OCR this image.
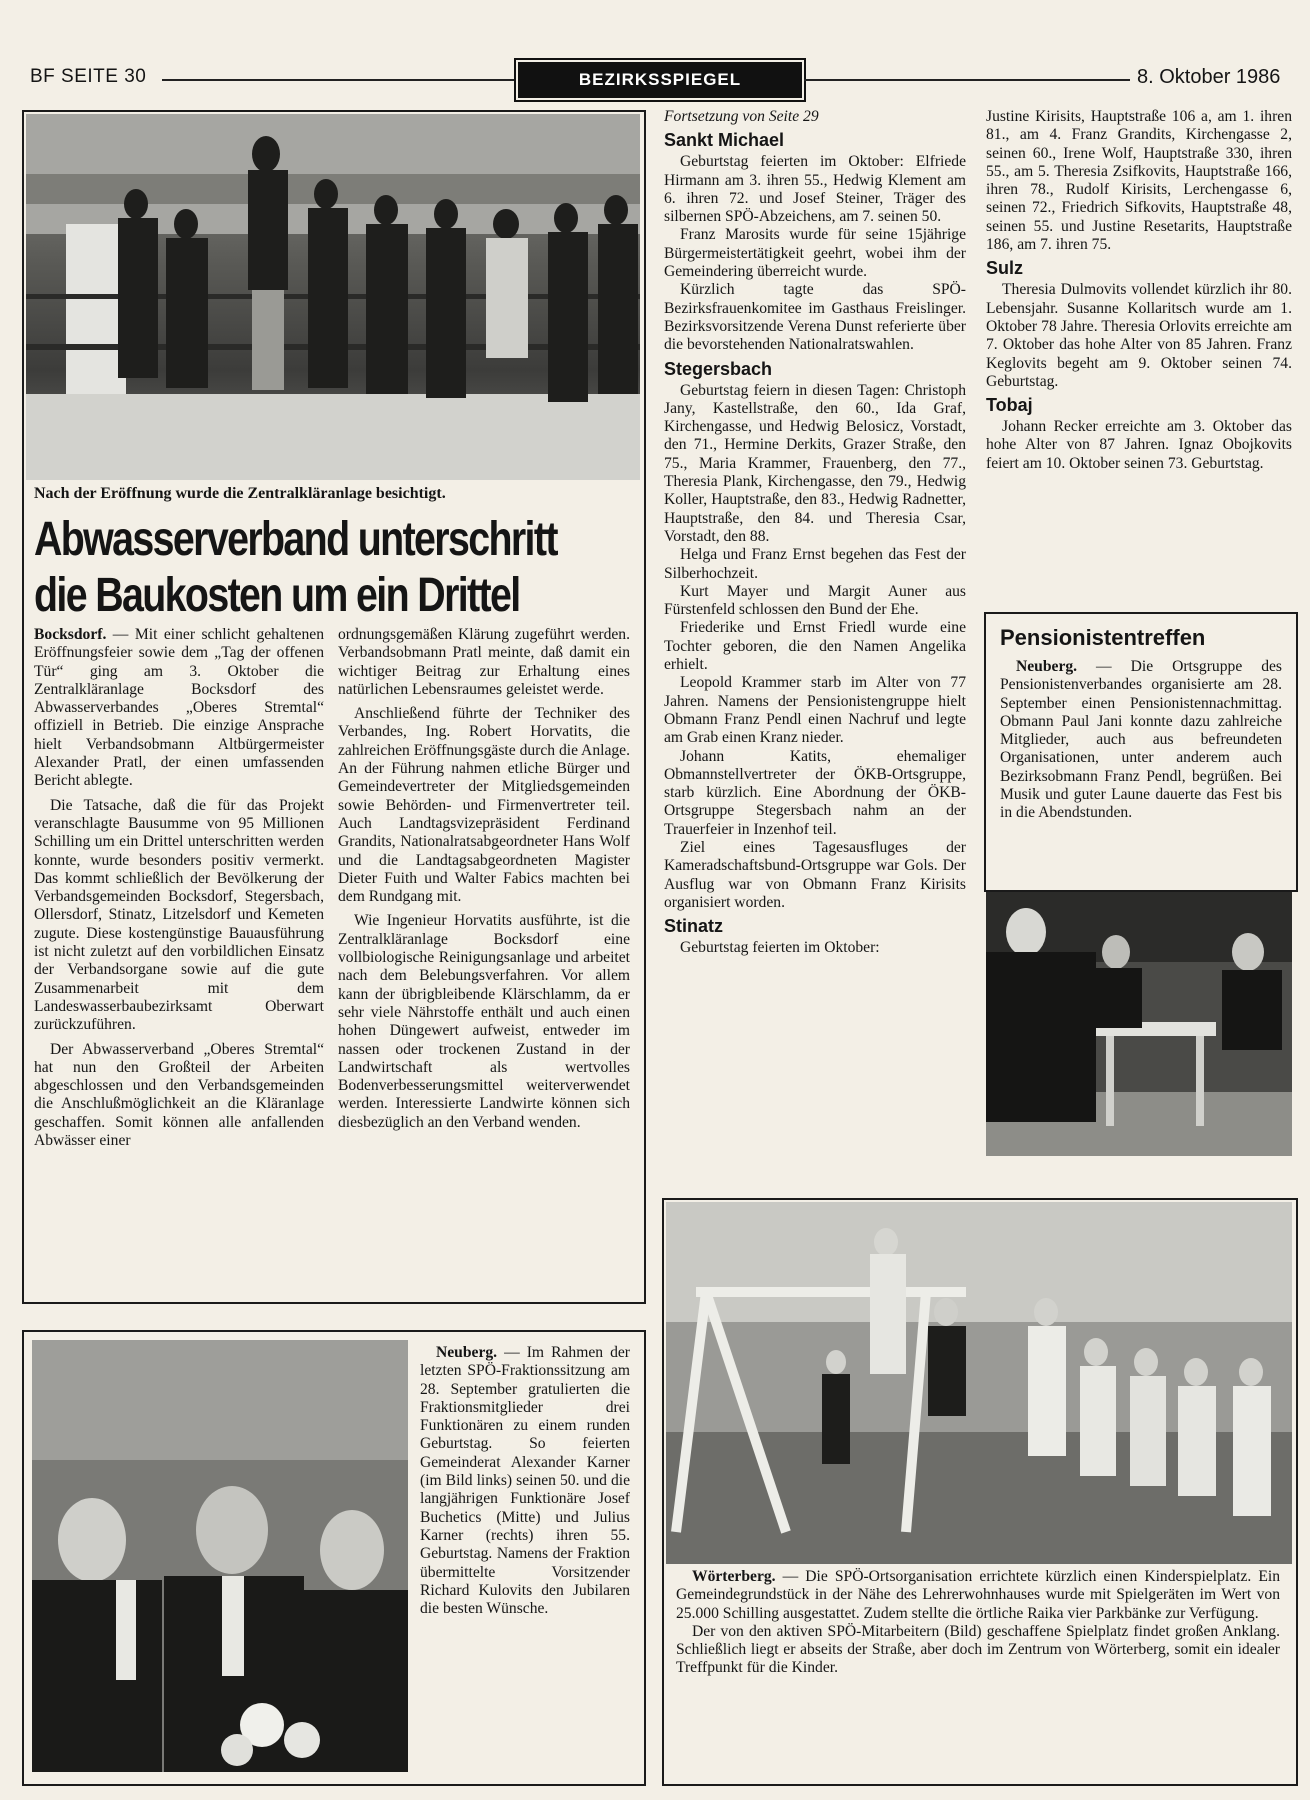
BF SEITE 30	BEZIRKSSPIEGEL	8. Oktober 1986
Nach der Eröffnung wurde die Zentralkläranlage besichtigt.
Abwasserverband unterschritt
die Baukosten um ein Drittel

Bocksdorf. — Mit einer schlicht gehaltenen Eröffnungsfeier sowie dem „Tag der offenen Tür“ ging am 3. Oktober die Zentralkläranlage Bocksdorf des Abwasserverbandes „Oberes Stremtal“ offiziell in Betrieb. Die einzige Ansprache hielt Verbandsobmann Altbürgermeister Alexander Pratl, der einen umfassenden Bericht ablegte.

Die Tatsache, daß die für das Projekt veranschlagte Bausumme von 95 Millionen Schilling um ein Drittel unterschritten werden konnte, wurde besonders positiv vermerkt. Das kommt schließlich der Bevölkerung der Verbandsgemeinden Bocksdorf, Stegersbach, Ollersdorf, Stinatz, Litzelsdorf und Kemeten zugute. Diese kostengünstige Bauausführung ist nicht zuletzt auf den vorbildlichen Einsatz der Verbandsorgane sowie auf die gute Zusammenarbeit mit dem Landeswasserbaubezirksamt Oberwart zurückzuführen.

Der Abwasserverband „Oberes Stremtal“ hat nun den Großteil der Arbeiten abgeschlossen und den Verbandsgemeinden die Anschlußmöglichkeit an die Kläranlage geschaffen. Somit können alle anfallenden Abwässer einer

ordnungsgemäßen Klärung zugeführt werden. Verbandsobmann Pratl meinte, daß damit ein wichtiger Beitrag zur Erhaltung eines natürlichen Lebensraumes geleistet werde.

Anschließend führte der Techniker des Verbandes, Ing. Robert Horvatits, die zahlreichen Eröffnungsgäste durch die Anlage. An der Führung nahmen etliche Bürger und Gemeindevertreter der Mitgliedsgemeinden sowie Behörden- und Firmenvertreter teil. Auch Landtagsvizepräsident Ferdinand Grandits, Nationalratsabgeordneter Hans Wolf und die Landtagsabgeordneten Magister Dieter Fuith und Walter Fabics machten bei dem Rundgang mit.

Wie Ingenieur Horvatits ausführte, ist die Zentralkläranlage Bocksdorf eine vollbiologische Reinigungsanlage und arbeitet nach dem Belebungsverfahren. Vor allem kann der übrigbleibende Klärschlamm, da er sehr viele Nährstoffe enthält und auch einen hohen Düngewert aufweist, entweder im nassen oder trockenen Zustand in der Landwirtschaft als wertvolles Bodenverbesserungsmittel weiterverwendet werden. Interessierte Landwirte können sich diesbezüglich an den Verband wenden.

Fortsetzung von Seite 29

Sankt Michael

Geburtstag feierten im Oktober: Elfriede Hirmann am 3. ihren 55., Hedwig Klement am 6. ihren 72. und Josef Steiner, Träger des silbernen SPÖ-Abzeichens, am 7. seinen 50.

Franz Marosits wurde für seine 15jährige Bürgermeistertätigkeit geehrt, wobei ihm der Gemeindering überreicht wurde.

Kürzlich tagte das SPÖ-Bezirksfrauenkomitee im Gasthaus Freislinger. Bezirksvorsitzende Verena Dunst referierte über die bevorstehenden Nationalratswahlen.

Stegersbach

Geburtstag feiern in diesen Tagen: Christoph Jany, Kastellstraße, den 60., Ida Graf, Kirchengasse, und Hedwig Belosicz, Vorstadt, den 71., Hermine Derkits, Grazer Straße, den 75., Maria Krammer, Frauenberg, den 77., Theresia Plank, Kirchengasse, den 79., Hedwig Koller, Hauptstraße, den 83., Hedwig Radnetter, Hauptstraße, den 84. und Theresia Csar, Vorstadt, den 88.

Helga und Franz Ernst begehen das Fest der Silberhochzeit.

Kurt Mayer und Margit Auner aus Fürstenfeld schlossen den Bund der Ehe.

Friederike und Ernst Friedl wurde eine Tochter geboren, die den Namen Angelika erhielt.

Leopold Krammer starb im Alter von 77 Jahren. Namens der Pensionistengruppe hielt Obmann Franz Pendl einen Nachruf und legte am Grab einen Kranz nieder.

Johann Katits, ehemaliger Obmannstellvertreter der ÖKB-Ortsgruppe, starb kürzlich. Eine Abordnung der ÖKB-Ortsgruppe Stegersbach nahm an der Trauerfeier in Inzenhof teil.

Ziel eines Tagesausfluges der Kameradschaftsbund-Ortsgruppe war Gols. Der Ausflug war von Obmann Franz Kirisits organisiert worden.

Stinatz

Geburtstag feierten im Oktober:

Justine Kirisits, Hauptstraße 106 a, am 1. ihren 81., am 4. Franz Grandits, Kirchengasse 2, seinen 60., Irene Wolf, Hauptstraße 330, ihren 55., am 5. Theresia Zsifkovits, Hauptstraße 166, ihren 78., Rudolf Kirisits, Lerchengasse 6, seinen 72., Friedrich Sifkovits, Hauptstraße 48, seinen 55. und Justine Resetarits, Hauptstraße 186, am 7. ihren 75.

Sulz

Theresia Dulmovits vollendet kürzlich ihr 80. Lebensjahr. Susanne Kollaritsch wurde am 1. Oktober 78 Jahre. Theresia Orlovits erreichte am 7. Oktober das hohe Alter von 85 Jahren. Franz Keglovits begeht am 9. Oktober seinen 74. Geburtstag.

Tobaj

Johann Recker erreichte am 3. Oktober das hohe Alter von 87 Jahren. Ignaz Obojkovits feiert am 10. Oktober seinen 73. Geburtstag.

Pensionistentreffen

Neuberg. — Die Ortsgruppe des Pensionistenverbandes organisierte am 28. September einen Pensionistennachmittag. Obmann Paul Jani konnte dazu zahlreiche Mitglieder, auch aus befreundeten Organisationen, unter anderem auch Bezirksobmann Franz Pendl, begrüßen. Bei Musik und guter Laune dauerte das Fest bis in die Abendstunden.

Neuberg. — Im Rahmen der letzten SPÖ-Fraktionssitzung am 28. September gratulierten die Fraktionsmitglieder drei Funktionären zu einem runden Geburtstag. So feierten Gemeinderat Alexander Karner (im Bild links) seinen 50. und die langjährigen Funktionäre Josef Buchetics (Mitte) und Julius Karner (rechts) ihren 55. Geburtstag. Namens der Fraktion übermittelte Vorsitzender Richard Kulovits den Jubilaren die besten Wünsche.

Wörterberg. — Die SPÖ-Ortsorganisation errichtete kürzlich einen Kinderspielplatz. Ein Gemeindegrundstück in der Nähe des Lehrerwohnhauses wurde mit Spielgeräten im Wert von 25.000 Schilling ausgestattet. Zudem stellte die örtliche Raika vier Parkbänke zur Verfügung.

Der von den aktiven SPÖ-Mitarbeitern (Bild) geschaffene Spielplatz findet großen Anklang. Schließlich liegt er abseits der Straße, aber doch im Zentrum von Wörterberg, somit ein idealer Treffpunkt für die Kinder.
